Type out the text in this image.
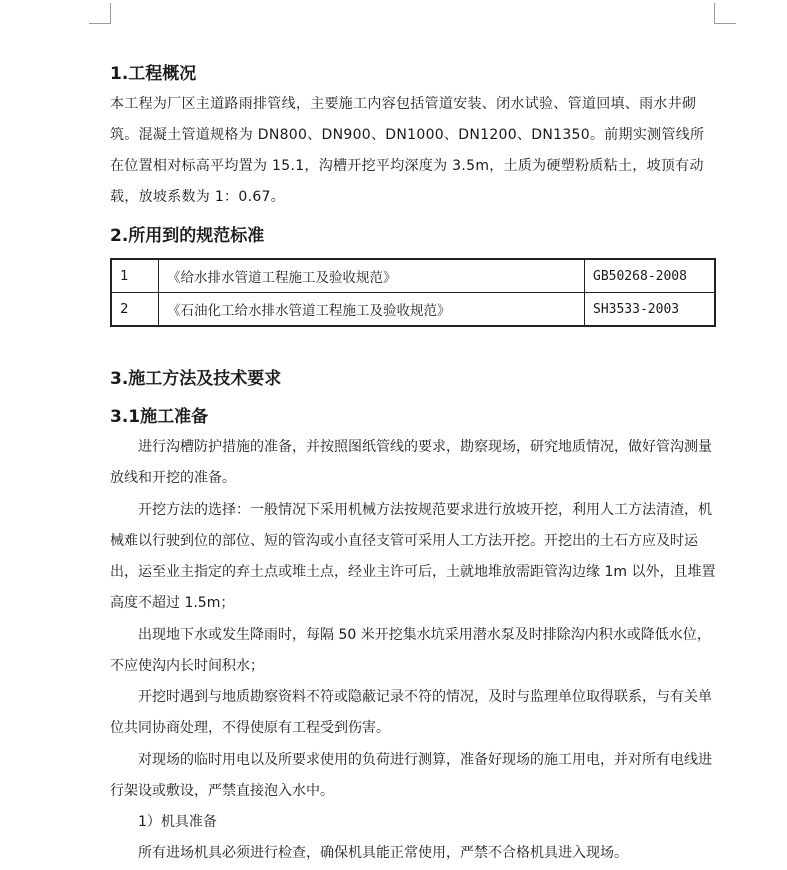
1.工程概况

本工程为厂区主道路雨排管线，主要施工内容包括管道安装、闭水试验、管道回填、雨水井砌筑。混凝土管道规格为 DN800、DN900、DN1000、DN1200、DN1350。前期实测管线所在位置相对标高平均置为 15.1，沟槽开挖平均深度为 3.5m，土质为硬塑粉质粘土，坡顶有动载，放坡系数为 1：0.67。

2.所用到的规范标准
1	《给水排水管道工程施工及验收规范》	GB50268-2008
2	《石油化工给水排水管道工程施工及验收规范》	SH3533-2003
3.施工方法及技术要求
3.1施工准备

进行沟槽防护措施的准备，并按照图纸管线的要求，勘察现场，研究地质情况，做好管沟测量放线和开挖的准备。

开挖方法的选择：一般情况下采用机械方法按规范要求进行放坡开挖，利用人工方法清渣，机械难以行驶到位的部位、短的管沟或小直径支管可采用人工方法开挖。开挖出的土石方应及时运出，运至业主指定的弃土点或堆土点，经业主许可后，土就地堆放需距管沟边缘 1m 以外，且堆置高度不超过 1.5m；

出现地下水或发生降雨时，每隔 50 米开挖集水坑采用潜水泵及时排除沟内积水或降低水位，不应使沟内长时间积水；

开挖时遇到与地质勘察资料不符或隐蔽记录不符的情况，及时与监理单位取得联系，与有关单位共同协商处理，不得使原有工程受到伤害。

对现场的临时用电以及所要求使用的负荷进行测算，准备好现场的施工用电，并对所有电线进行架设或敷设，严禁直接泡入水中。

1）机具准备

所有进场机具必须进行检查，确保机具能正常使用，严禁不合格机具进入现场。
